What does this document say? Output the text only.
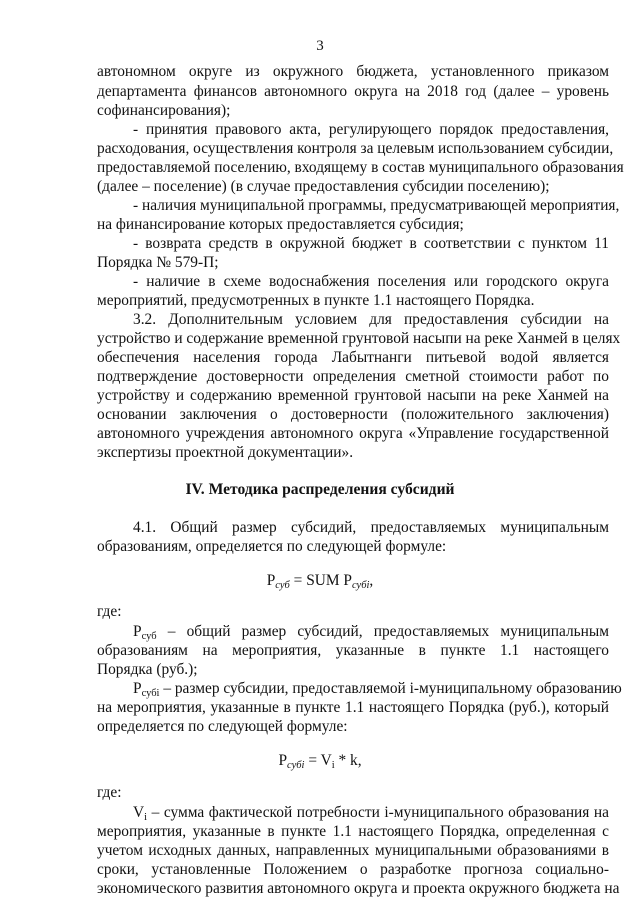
3
автономном округе из окружного бюджета, установленного приказом
департамента финансов автономного округа на 2018 год (далее – уровень
софинансирования);
- принятия правового акта, регулирующего порядок предоставления,
расходования, осуществления контроля за целевым использованием субсидии,
предоставляемой поселению, входящему в состав муниципального образования
(далее – поселение) (в случае предоставления субсидии поселению);
- наличия муниципальной программы, предусматривающей мероприятия,
на финансирование которых предоставляется субсидия;
- возврата средств в окружной бюджет в соответствии с пунктом 11
Порядка № 579-П;
- наличие в схеме водоснабжения поселения или городского округа
мероприятий, предусмотренных в пункте 1.1 настоящего Порядка.
3.2. Дополнительным условием для предоставления субсидии на
устройство и содержание временной грунтовой насыпи на реке Ханмей в целях
обеспечения населения города Лабытнанги питьевой водой является
подтверждение достоверности определения сметной стоимости работ по
устройству и содержанию временной грунтовой насыпи на реке Ханмей на
основании заключения о достоверности (положительного заключения)
автономного учреждения автономного округа «Управление государственной
экспертизы проектной документации».
IV. Методика распределения субсидий
4.1. Общий размер субсидий, предоставляемых муниципальным
образованиям, определяется по следующей формуле:
$P_{суб}$ = SUM $P_{субi}$,
где:
Pсуб – общий размер субсидий, предоставляемых муниципальным
образованиям на мероприятия, указанные в пункте 1.1 настоящего
Порядка (руб.);
Pсубi – размер субсидии, предоставляемой i-муниципальному образованию
на мероприятия, указанные в пункте 1.1 настоящего Порядка (руб.), который
определяется по следующей формуле:
$P_{субi} = Vi * k$,
где:
Vi – сумма фактической потребности i-муниципального образования на
мероприятия, указанные в пункте 1.1 настоящего Порядка, определенная с
учетом исходных данных, направленных муниципальными образованиями в
сроки, установленные Положением о разработке прогноза социально-
экономического развития автономного округа и проекта окружного бюджета на
